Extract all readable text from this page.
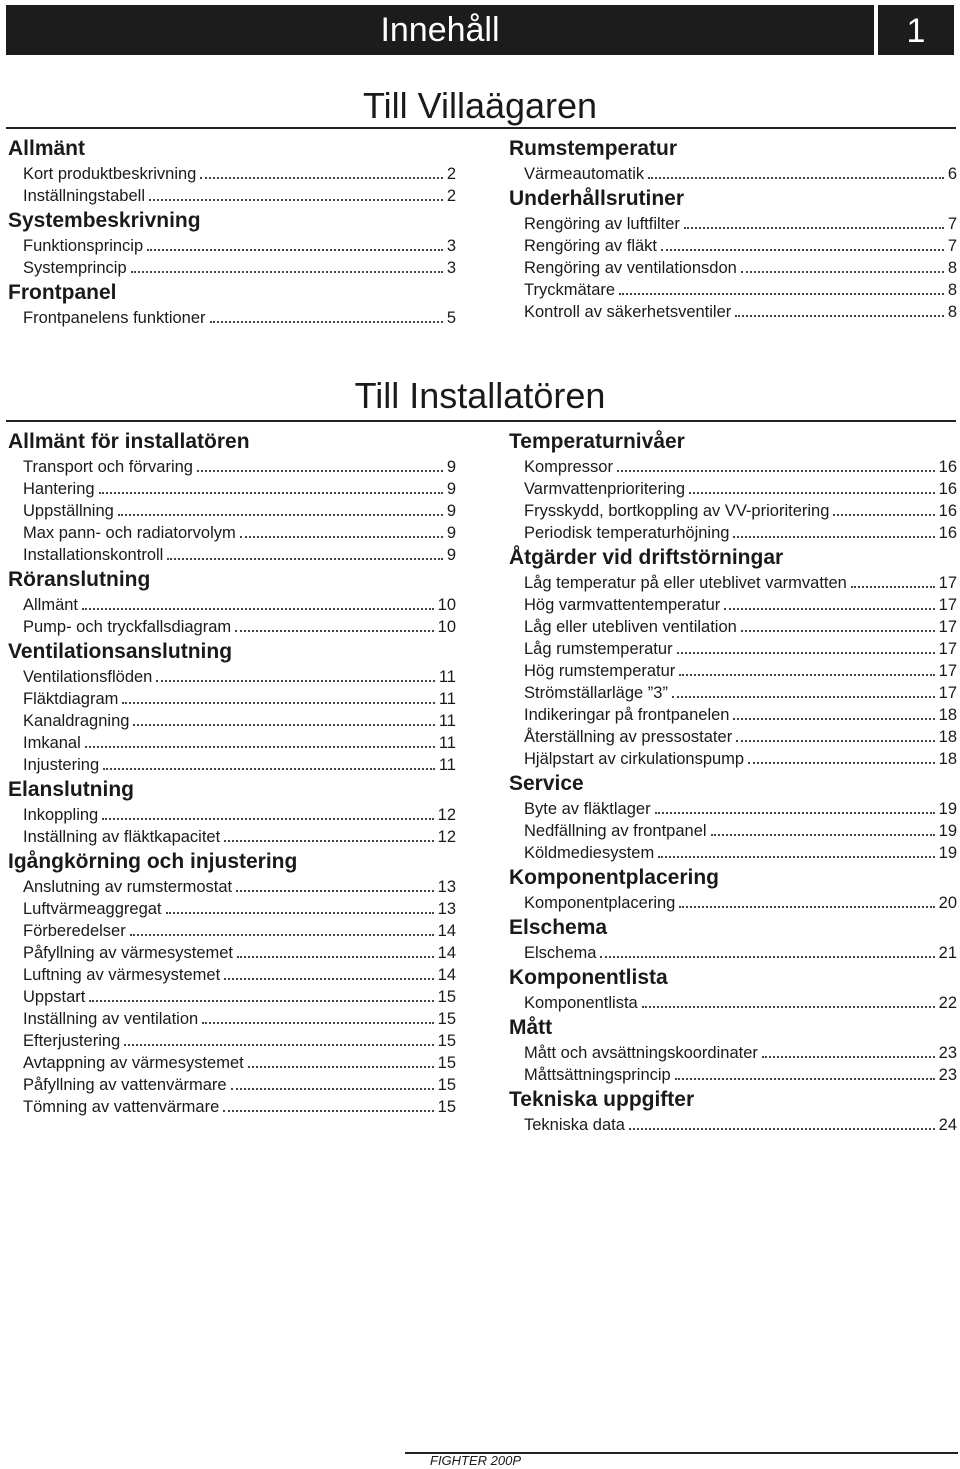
Innehåll	1
Till Villaägaren
Allmänt
Kort produktbeskrivning	2
Inställningstabell	2
Systembeskrivning
Funktionsprincip	3
Systemprincip	3
Frontpanel
Frontpanelens funktioner	5
Rumstemperatur
Värmeautomatik	6
Underhållsrutiner
Rengöring av luftfilter	7
Rengöring av fläkt	7
Rengöring av ventilationsdon	8
Tryckmätare	8
Kontroll av säkerhetsventiler	8
Till Installatören
Allmänt för installatören
Transport och förvaring	9
Hantering	9
Uppställning	9
Max pann- och radiatorvolym	9
Installationskontroll	9
Röranslutning
Allmänt	10
Pump- och tryckfallsdiagram	10
Ventilationsanslutning
Ventilationsflöden	11
Fläktdiagram	11
Kanaldragning	11
Imkanal	11
Injustering	11
Elanslutning
Inkoppling	12
Inställning av fläktkapacitet	12
Igångkörning och injustering
Anslutning av rumstermostat	13
Luftvärmeaggregat	13
Förberedelser	14
Påfyllning av värmesystemet	14
Luftning av värmesystemet	14
Uppstart	15
Inställning av ventilation	15
Efterjustering	15
Avtappning av värmesystemet	15
Påfyllning av vattenvärmare	15
Tömning av vattenvärmare	15
Temperaturnivåer
Kompressor	16
Varmvattenprioritering	16
Frysskydd, bortkoppling av VV-prioritering	16
Periodisk temperaturhöjning	16
Åtgärder vid driftstörningar
Låg temperatur på eller uteblivet varmvatten	17
Hög varmvattentemperatur	17
Låg eller utebliven ventilation	17
Låg rumstemperatur	17
Hög rumstemperatur	17
Strömställarläge ”3”	17
Indikeringar på frontpanelen	18
Återställning av pressostater	18
Hjälpstart av cirkulationspump	18
Service
Byte av fläktlager	19
Nedfällning av frontpanel	19
Köldmediesystem	19
Komponentplacering
Komponentplacering	20
Elschema
Elschema	21
Komponentlista
Komponentlista	22
Mått
Mått och avsättningskoordinater	23
Måttsättningsprincip	23
Tekniska uppgifter
Tekniska data	24
FIGHTER 200P
